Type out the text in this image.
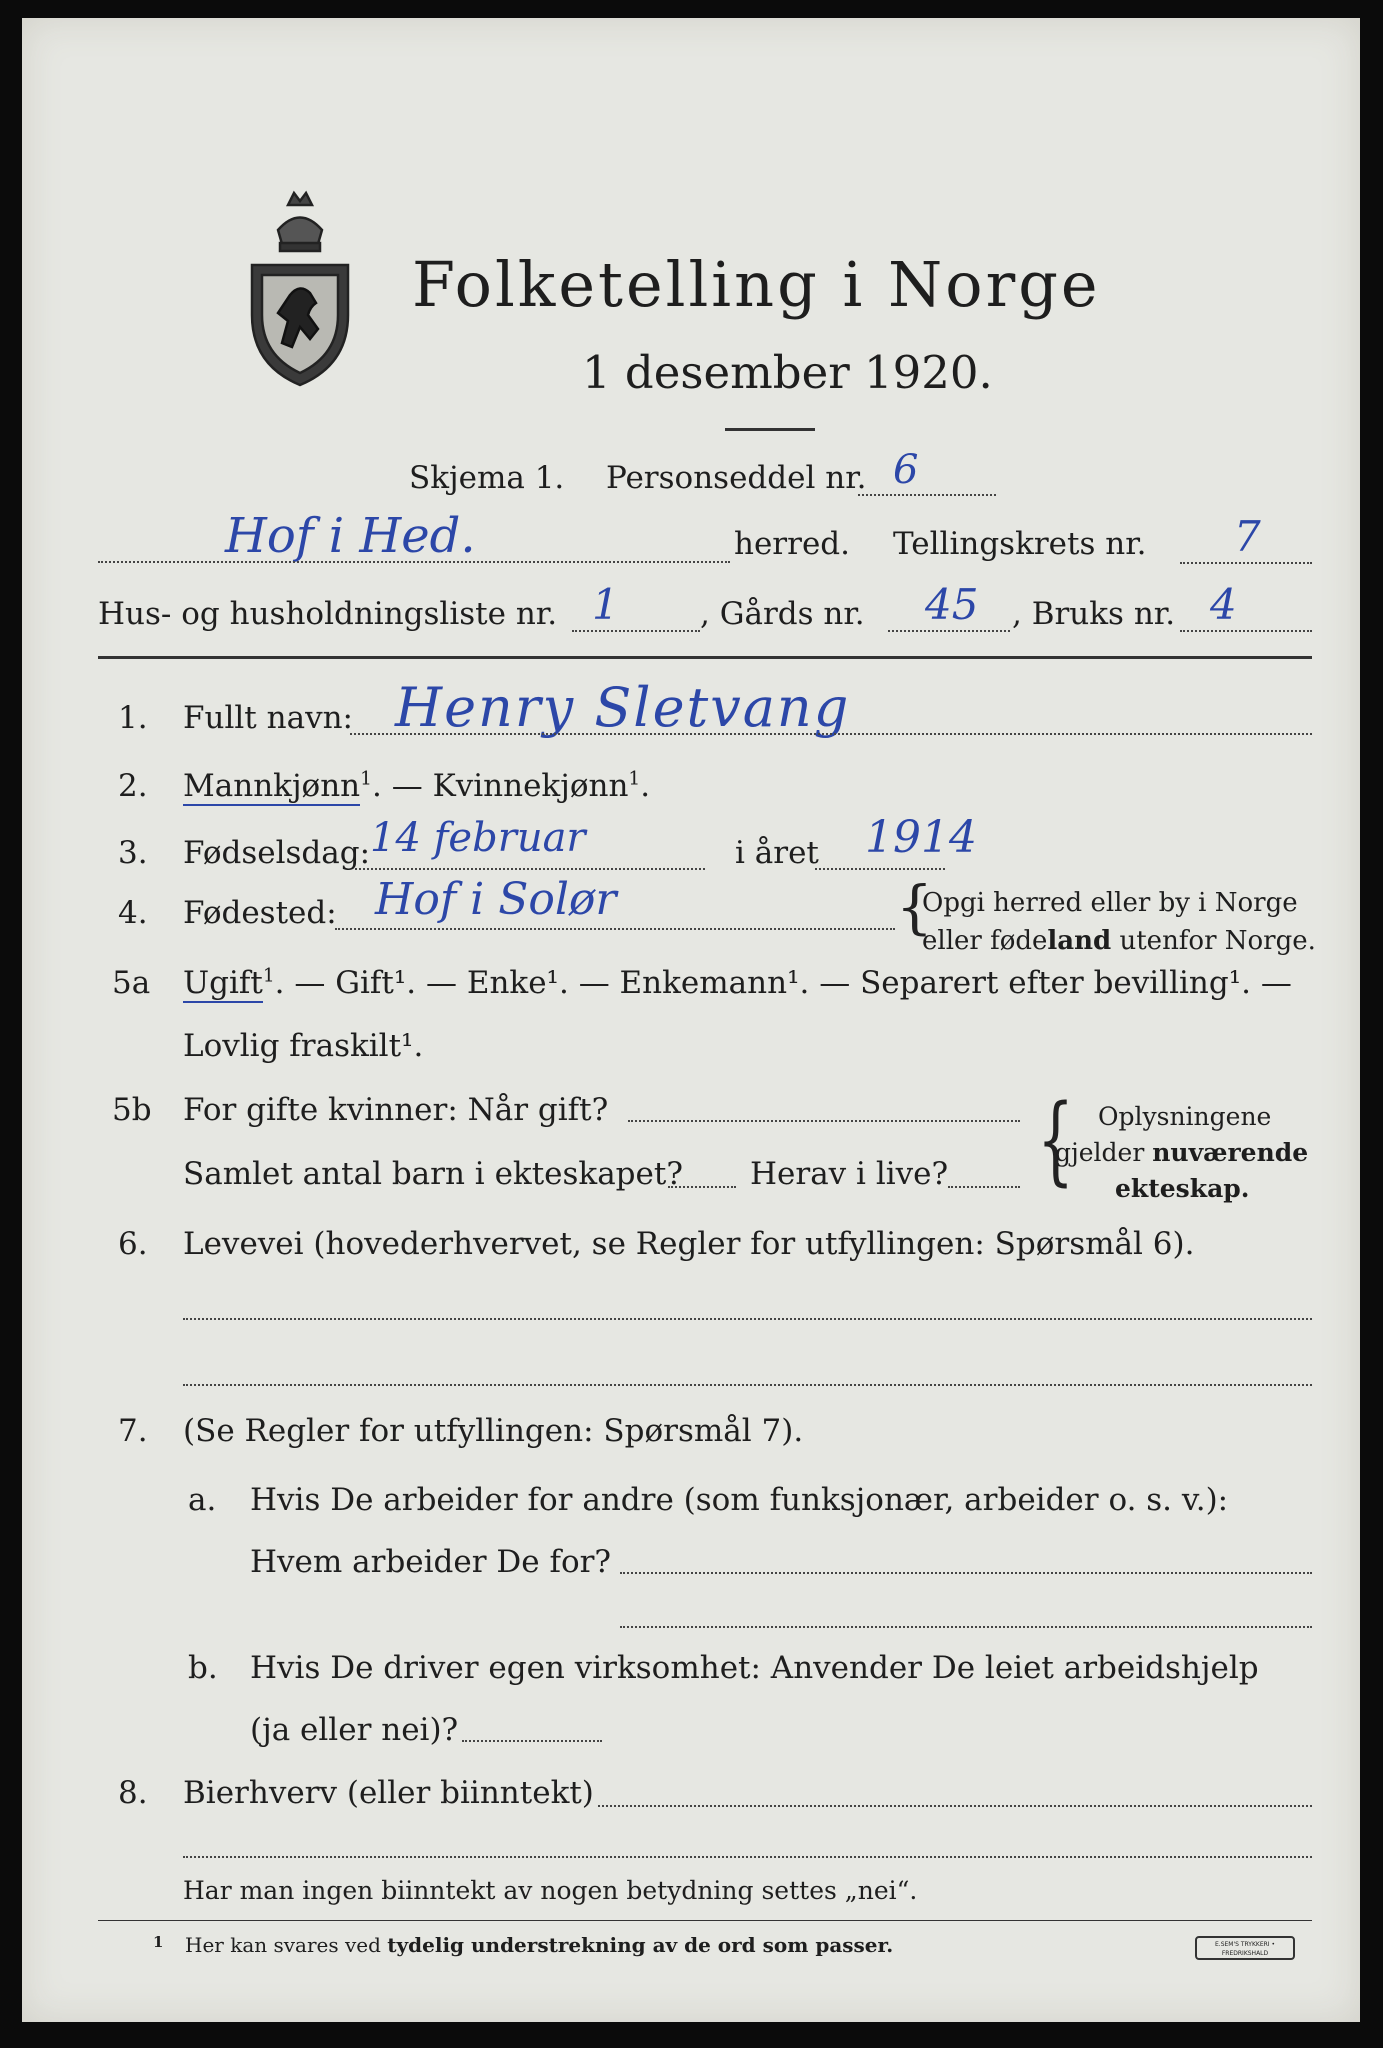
Folketelling i Norge
1 desember 1920.
Skjema 1. Personseddel nr. 6
Hof i Hed.	herred. Tellingskrets nr. 7
Hus- og husholdningsliste nr. 1	, Gårds nr. 45 , Bruks nr. 4
1. Fullt navn: Henry Sletvang
2. Mannkjønn$^1$. — Kvinnekjønn$^1$.
3. Fødselsdag: 14 februar	i året 1914
4. Fødested: Hof i Solør	{
Opgi herred eller by i Norge
eller fødeland utenfor Norge.
5a Ugift$^1$. — Gift¹. — Enke¹. — Enkemann¹. — Separert efter bevilling¹. —
Lovlig fraskilt¹.
5b For gifte kvinner: Når gift?
Samlet antal barn i ekteskapet? Herav i live? { Oplysningene
gjelder nuværende
ekteskap.
6. Levevei (hovederhvervet, se Regler for utfyllingen: Spørsmål 6).
7. (Se Regler for utfyllingen: Spørsmål 7).
a. Hvis De arbeider for andre (som funksjonær, arbeider o. s. v.):
Hvem arbeider De for?
b. Hvis De driver egen virksomhet: Anvender De leiet arbeidshjelp
(ja eller nei)?
8. Bierhverv (eller biinntekt)
Har man ingen biinntekt av nogen betydning settes „nei“.
1 Her kan svares ved tydelig understrekning av de ord som passer.	E.SEM'S TRYKKERI • FREDRIKSHALD
